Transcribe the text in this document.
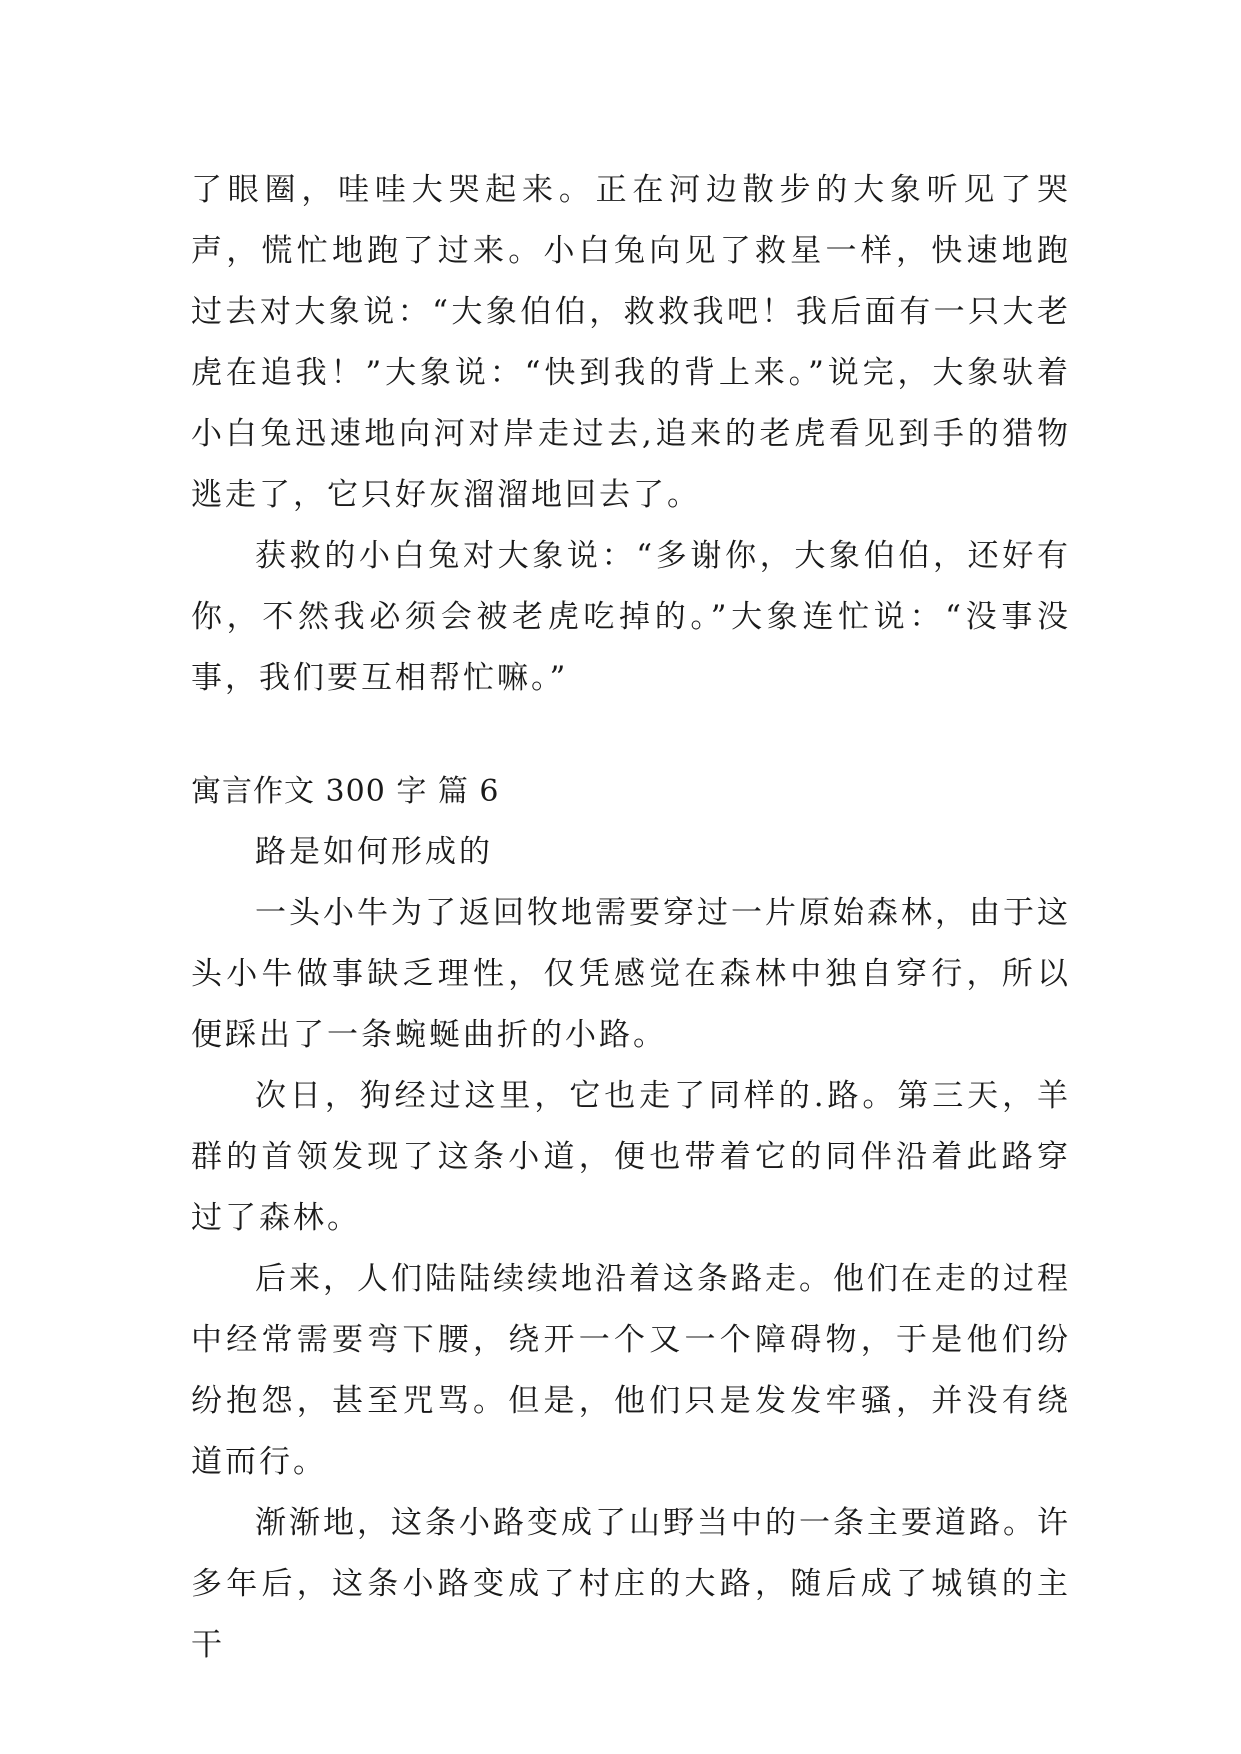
了眼圈，哇哇大哭起来。正在河边散步的大象听见了哭声，慌忙地跑了过来。小白兔向见了救星一样，快速地跑过去对大象说：“大象伯伯，救救我吧！我后面有一只大老虎在追我！”大象说：“快到我的背上来。”说完，大象驮着小白兔迅速地向河对岸走过去,追来的老虎看见到手的猎物逃走了，它只好灰溜溜地回去了。

获救的小白兔对大象说：“多谢你，大象伯伯，还好有你，不然我必须会被老虎吃掉的。”大象连忙说：“没事没事，我们要互相帮忙嘛。”

寓言作文 300 字 篇 6

路是如何形成的

一头小牛为了返回牧地需要穿过一片原始森林，由于这头小牛做事缺乏理性，仅凭感觉在森林中独自穿行，所以便踩出了一条蜿蜒曲折的小路。

次日，狗经过这里，它也走了同样的.路。第三天，羊群的首领发现了这条小道，便也带着它的同伴沿着此路穿过了森林。

后来，人们陆陆续续地沿着这条路走。他们在走的过程中经常需要弯下腰，绕开一个又一个障碍物，于是他们纷纷抱怨，甚至咒骂。但是，他们只是发发牢骚，并没有绕道而行。

渐渐地，这条小路变成了山野当中的一条主要道路。许多年后，这条小路变成了村庄的大路，随后成了城镇的主干
